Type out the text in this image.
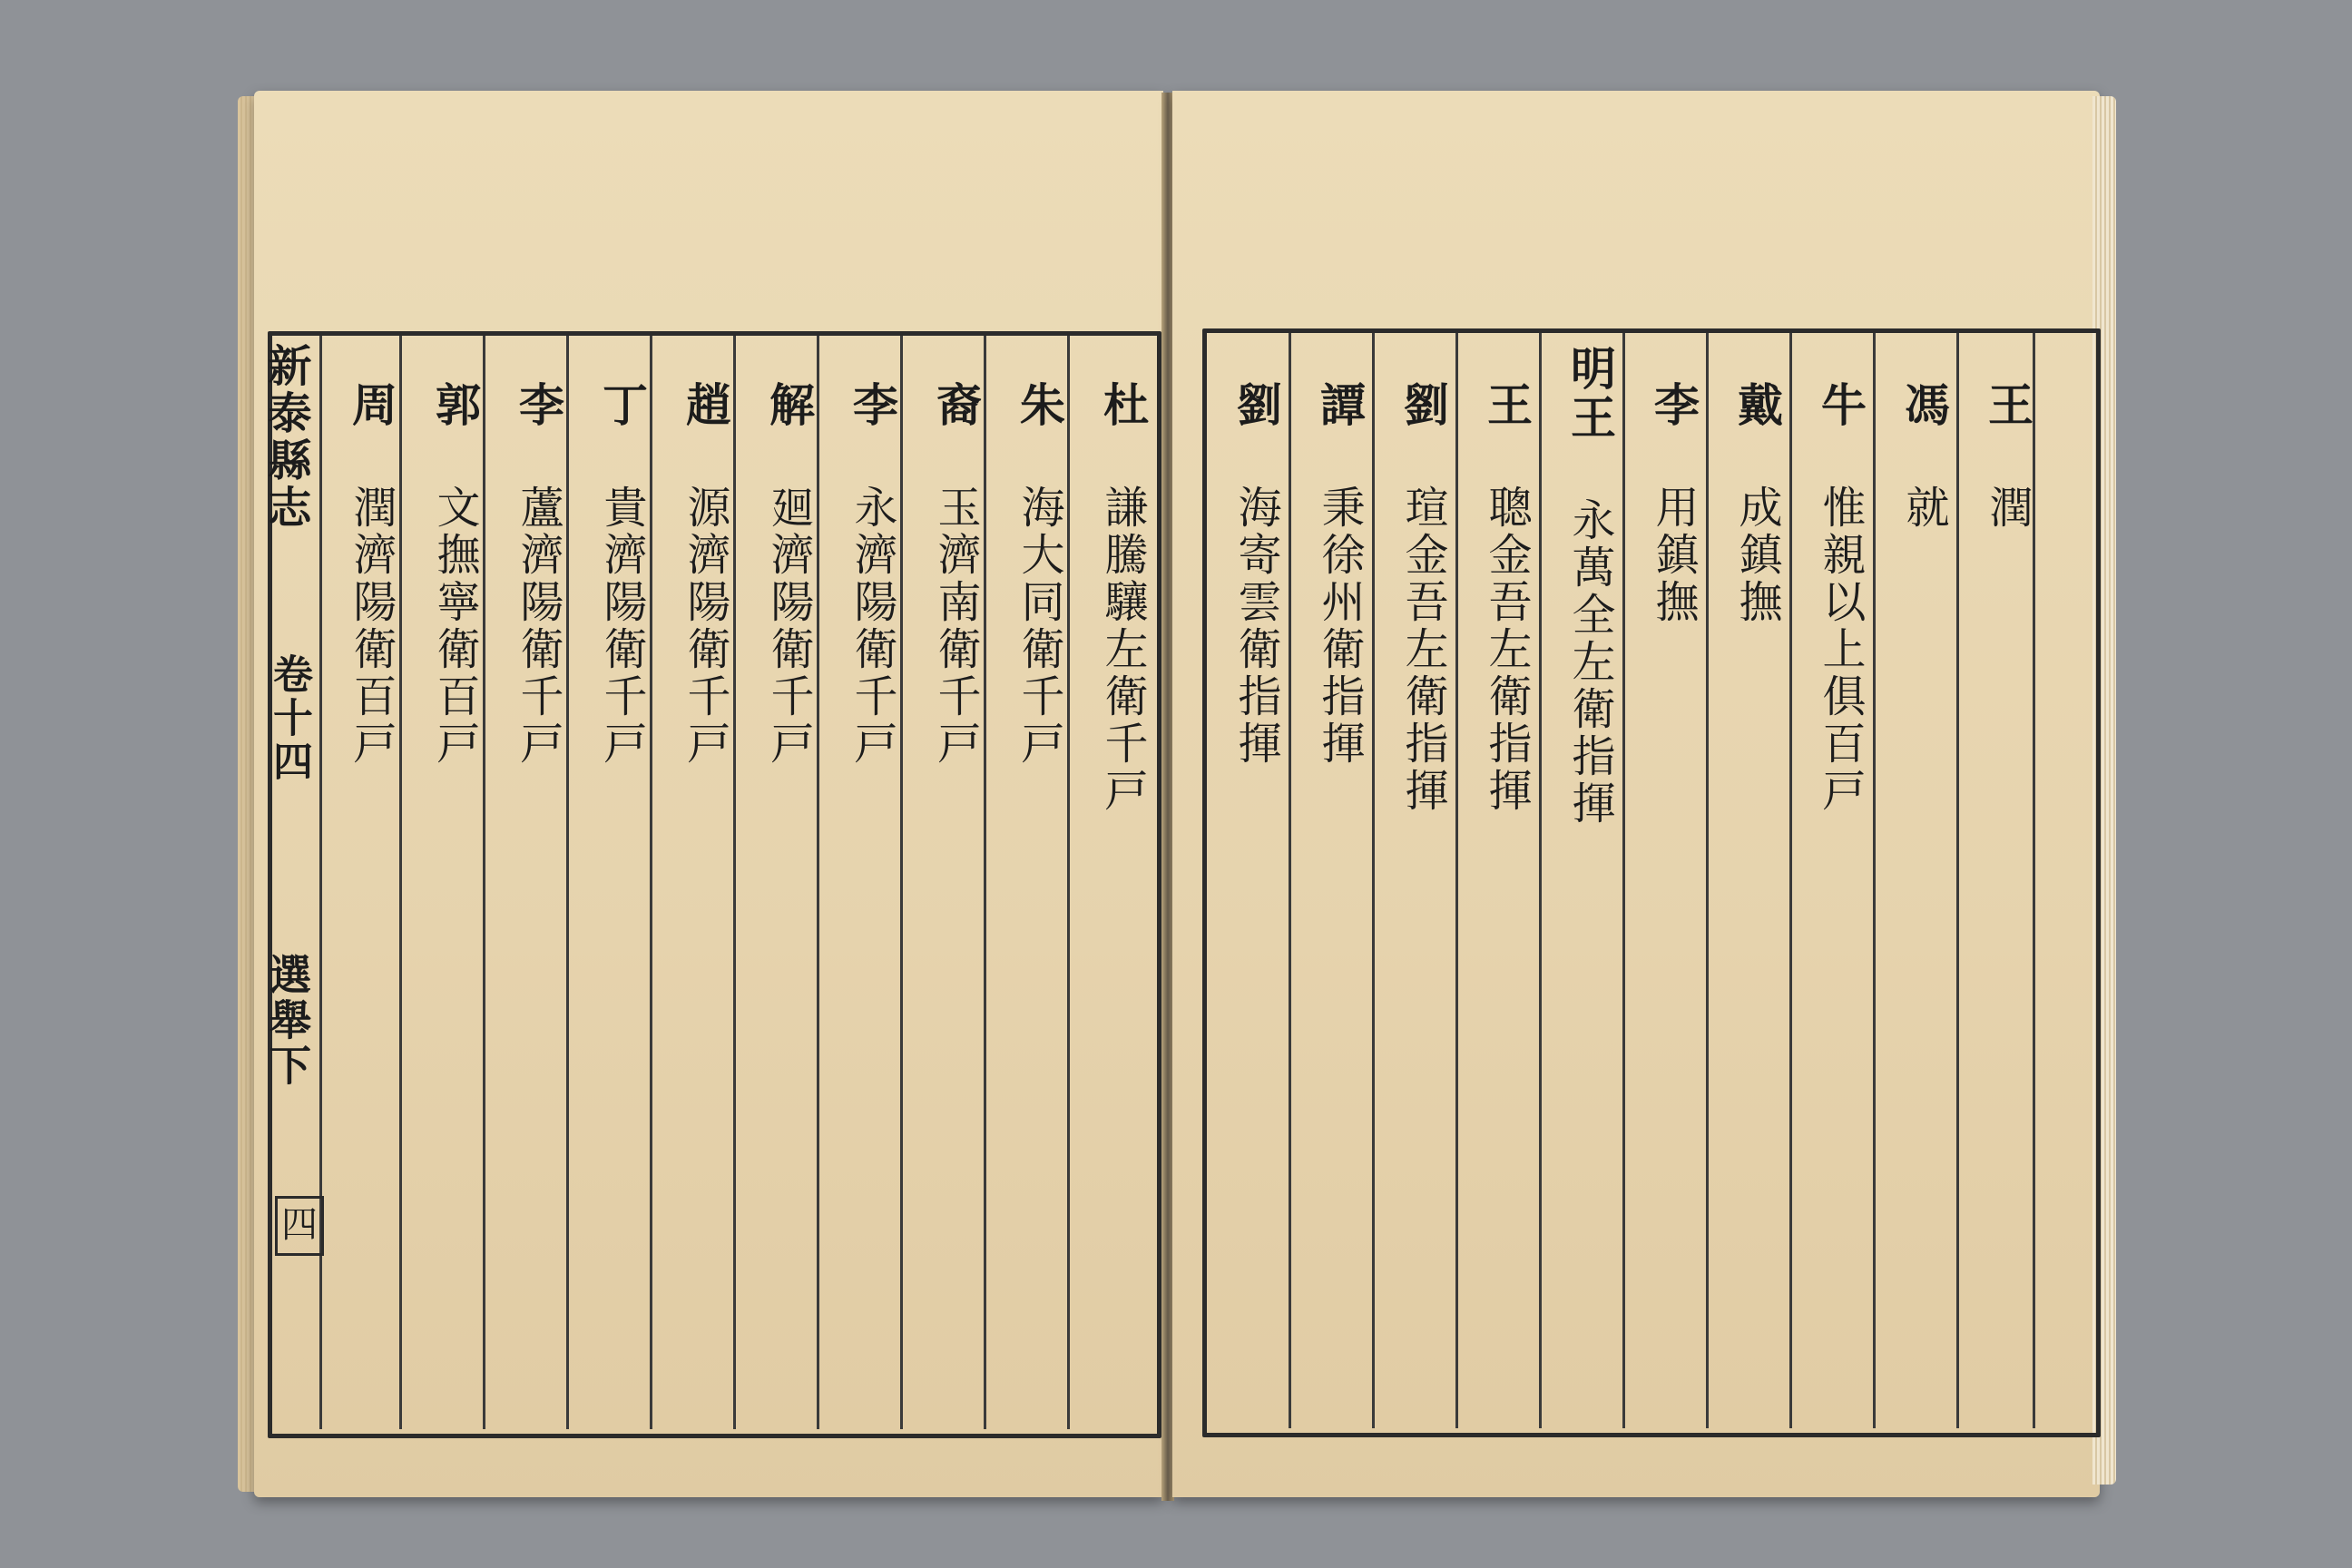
新泰縣志
卷十四
選舉下
四
杜謙騰驤左衛千戸
朱海大同衛千戸
裔玉濟南衛千戸
李永濟陽衛千戸
解廻濟陽衛千戸
趙源濟陽衛千戸
丁貴濟陽衛千戸
李蘆濟陽衛千戸
郭文撫寧衛百戸
周潤濟陽衛百戸
王潤
馮就
牛惟親以上俱百戸
戴成鎮撫
李用鎮撫
明王永萬全左衛指揮
王聰金吾左衛指揮
劉瑄金吾左衛指揮
譚秉徐州衛指揮
劉海寄雲衛指揮
